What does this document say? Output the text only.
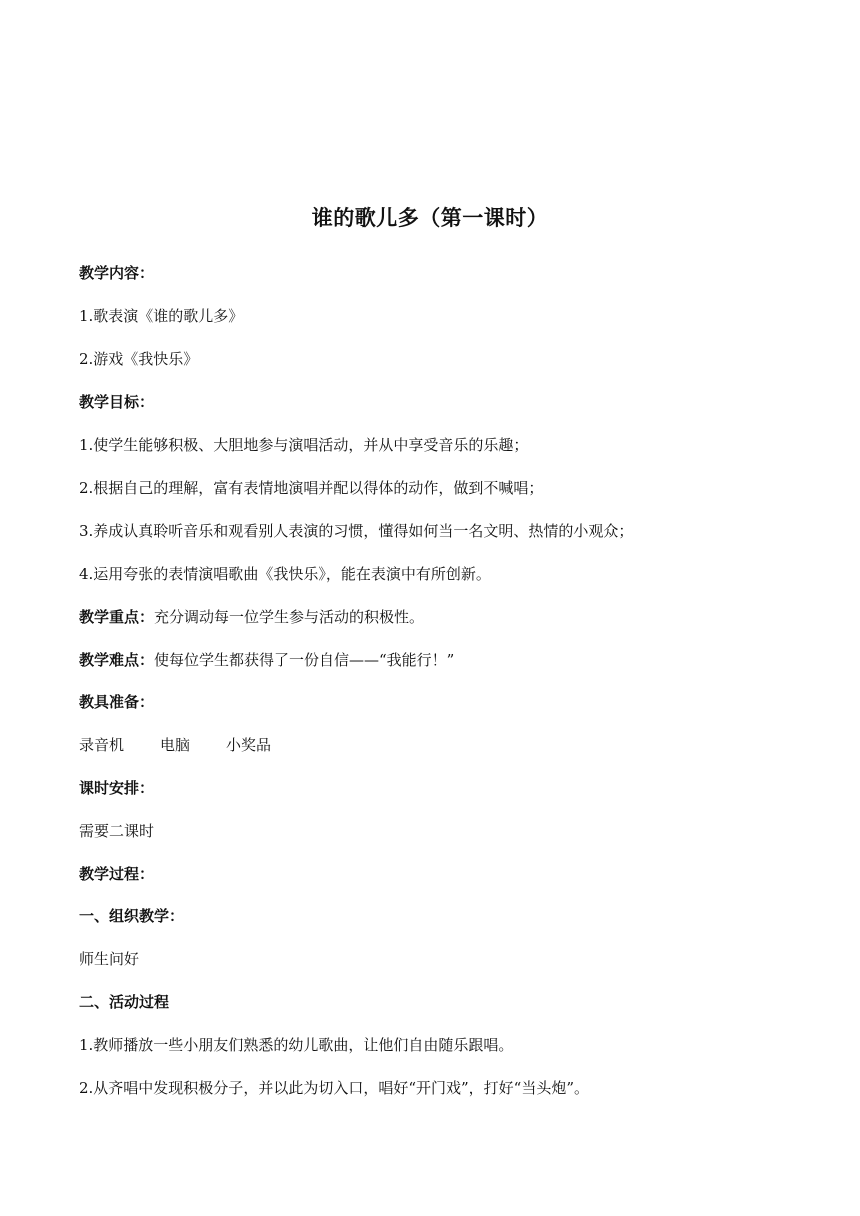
谁的歌儿多（第一课时）
教学内容：
1.歌表演《谁的歌儿多》
2.游戏《我快乐》
教学目标：
1.使学生能够积极、大胆地参与演唱活动，并从中享受音乐的乐趣；
2.根据自己的理解，富有表情地演唱并配以得体的动作，做到不喊唱；
3.养成认真聆听音乐和观看别人表演的习惯，懂得如何当一名文明、热情的小观众；
4.运用夸张的表情演唱歌曲《我快乐》，能在表演中有所创新。
教学重点：充分调动每一位学生参与活动的积极性。
教学难点：使每位学生都获得了一份自信——“我能行！”
教具准备：
录音机 电脑 小奖品
课时安排：
需要二课时
教学过程：
一、组织教学：
师生问好
二、活动过程
1.教师播放一些小朋友们熟悉的幼儿歌曲，让他们自由随乐跟唱。
2.从齐唱中发现积极分子，并以此为切入口，唱好“开门戏”，打好“当头炮”。
